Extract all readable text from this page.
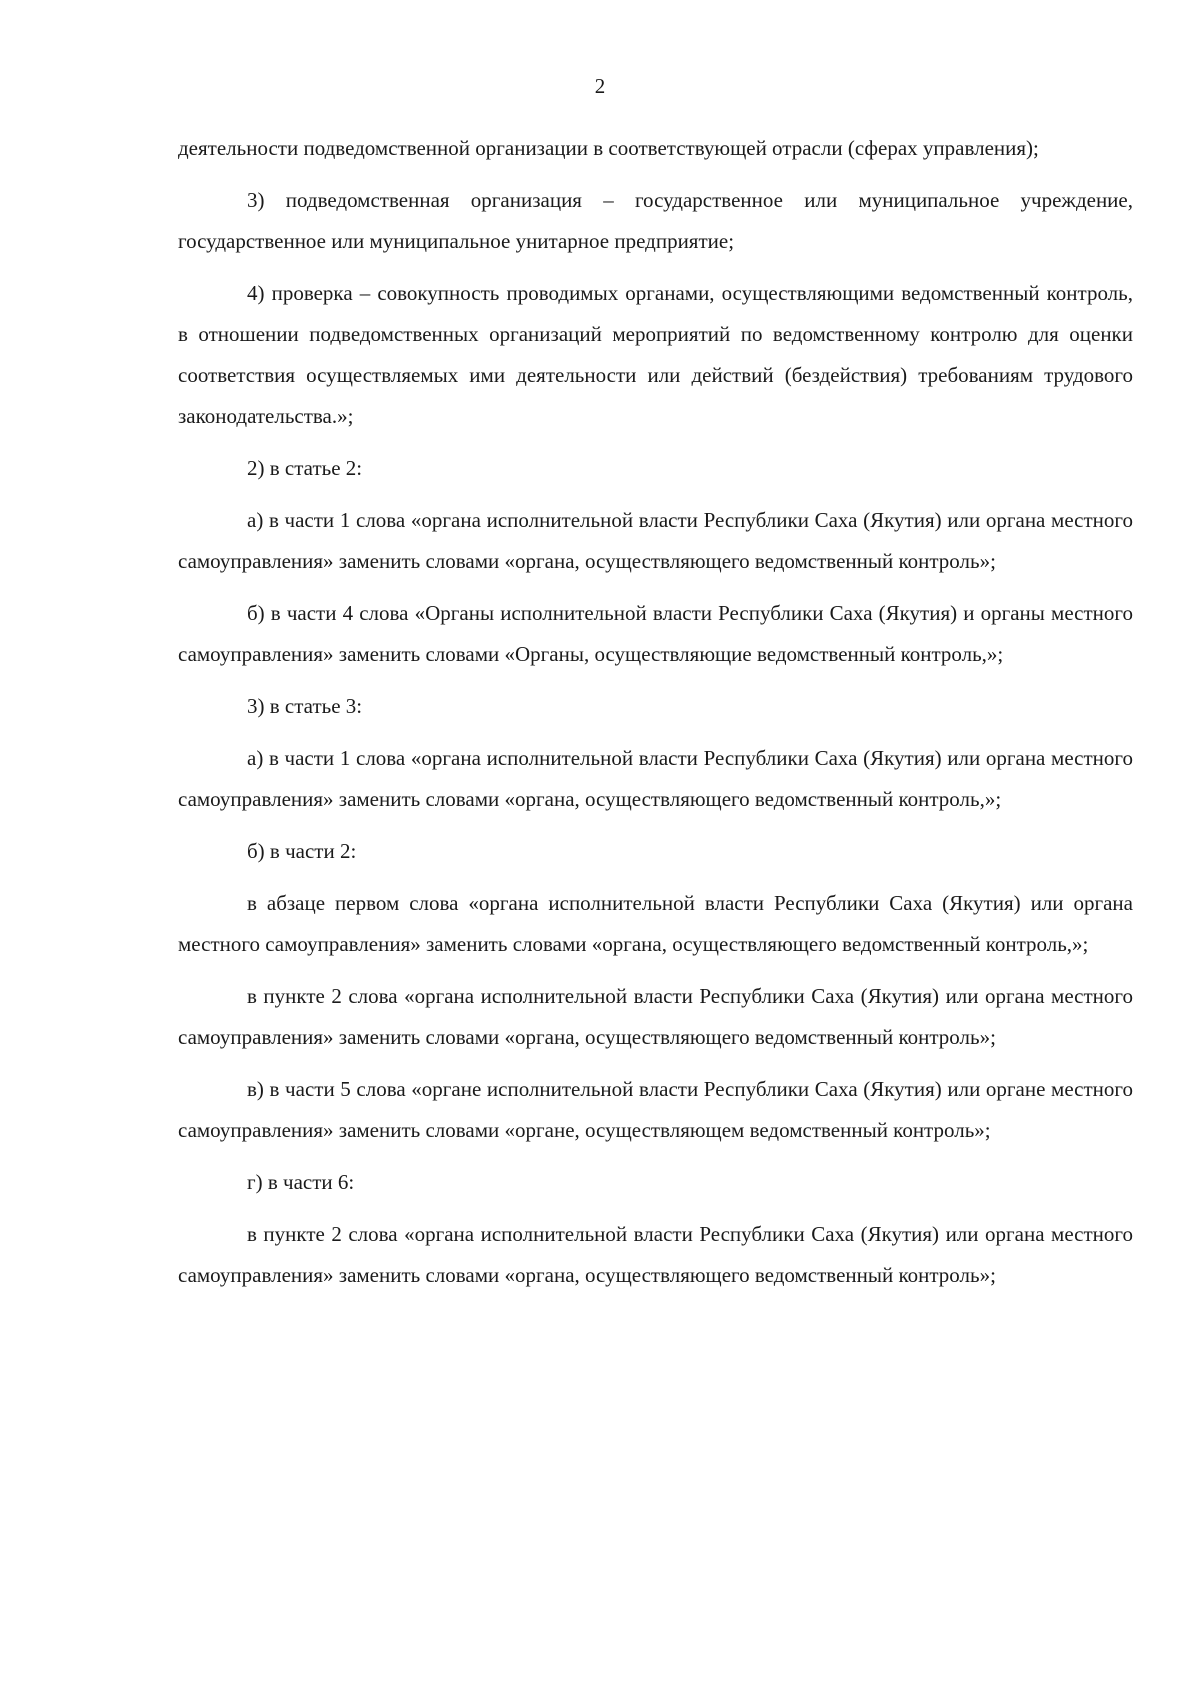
2

деятельности подведомственной организации в соответствующей отрасли (сферах управления);

3) подведомственная организация – государственное или муниципальное учреждение, государственное или муниципальное унитарное предприятие;

4) проверка – совокупность проводимых органами, осуществляющими ведомственный контроль, в отношении подведомственных организаций мероприятий по ведомственному контролю для оценки соответствия осуществляемых ими деятельности или действий (бездействия) требованиям трудового законодательства.»;

2) в статье 2:

а) в части 1 слова «органа исполнительной власти Республики Саха (Якутия) или органа местного самоуправления» заменить словами «органа, осуществляющего ведомственный контроль»;

б) в части 4 слова «Органы исполнительной власти Республики Саха (Якутия) и органы местного самоуправления» заменить словами «Органы, осуществляющие ведомственный контроль,»;

3) в статье 3:

а) в части 1 слова «органа исполнительной власти Республики Саха (Якутия) или органа местного самоуправления» заменить словами «органа, осуществляющего ведомственный контроль,»;

б) в части 2:

в абзаце первом слова «органа исполнительной власти Республики Саха (Якутия) или органа местного самоуправления» заменить словами «органа, осуществляющего ведомственный контроль,»;

в пункте 2 слова «органа исполнительной власти Республики Саха (Якутия) или органа местного самоуправления» заменить словами «органа, осуществляющего ведомственный контроль»;

в) в части 5 слова «органе исполнительной власти Республики Саха (Якутия) или органе местного самоуправления» заменить словами «органе, осуществляющем ведомственный контроль»;

г) в части 6:

в пункте 2 слова «органа исполнительной власти Республики Саха (Якутия) или органа местного самоуправления» заменить словами «органа, осуществляющего ведомственный контроль»;
